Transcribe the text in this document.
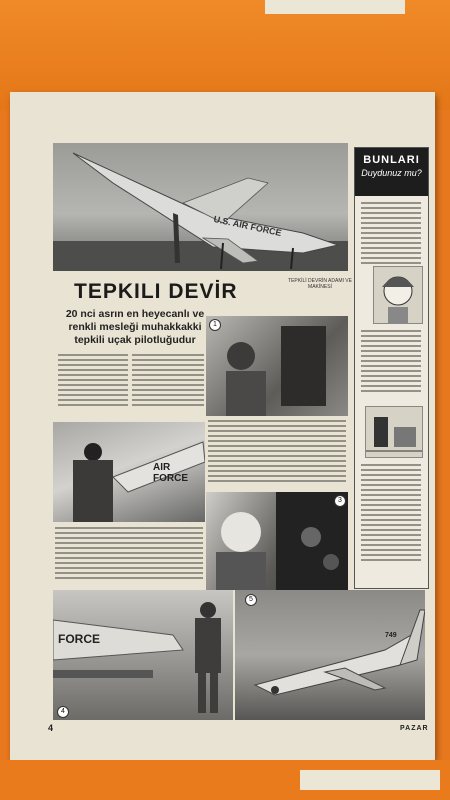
U.S. AIR FORCE
TEPKILI DEVİR	TEPKİLİ DEVRİN ADAMI VE MAKİNESİ
20 nci asrın en heyecanlı ve renkli mesleği muhakkakki tepkili uçak pilotluğudur
1
AIR FORCE
3
FORCE
4
5
749
BUNLARI
Duydunuz mu?
4	PAZAR
